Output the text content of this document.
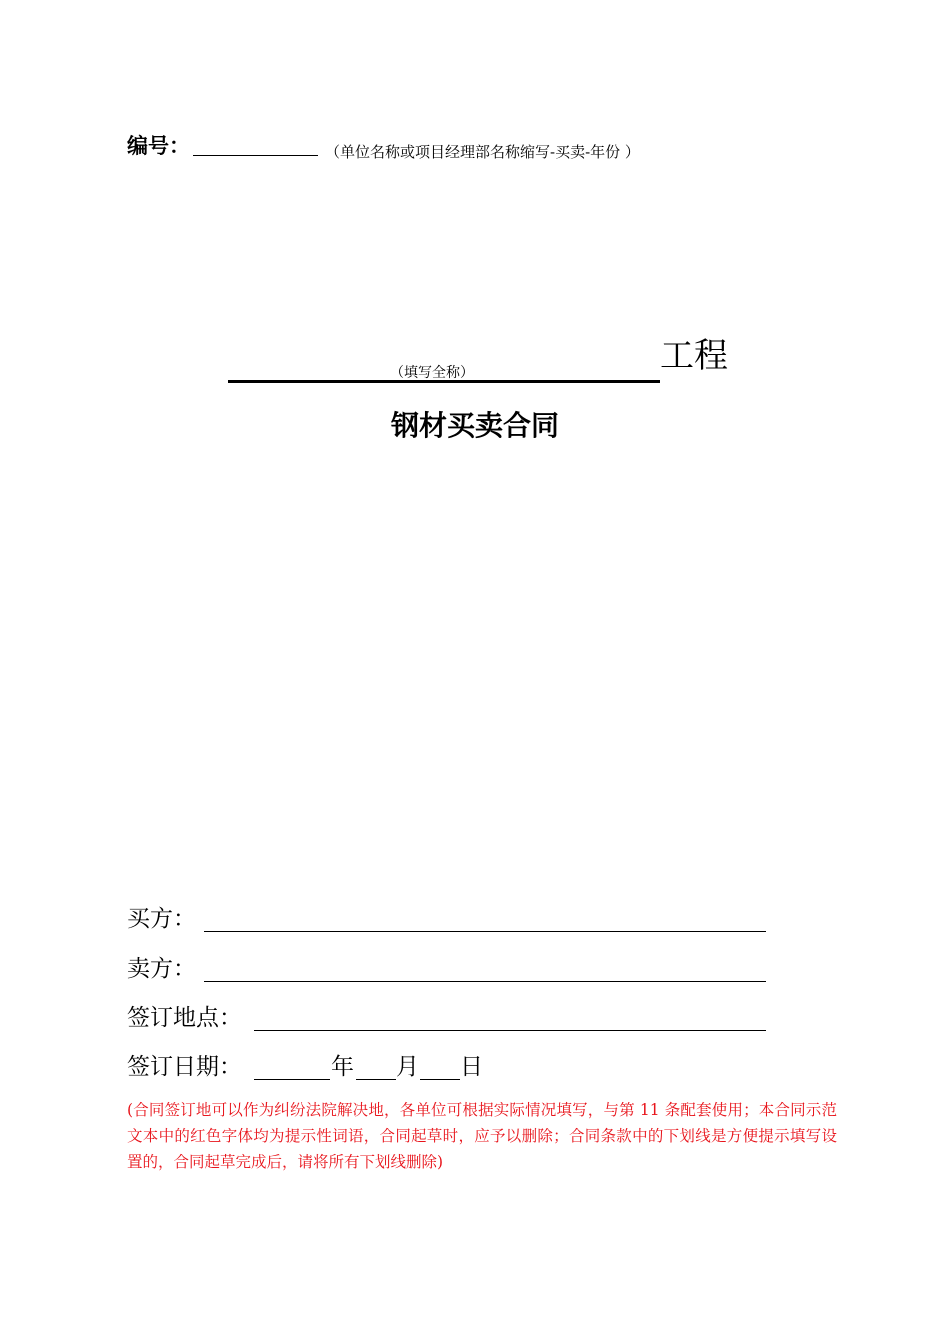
编号：	（单位名称或项目经理部名称缩写-买卖-年份 ）
（填写全称）	工程
钢材买卖合同
买方：
卖方：
签订地点：
签订日期：	年 月 日
(合同签订地可以作为纠纷法院解决地，各单位可根据实际情况填写，与第 11 条配套使用；本合同示范文本中的红色字体均为提示性词语，合同起草时，应予以删除；合同条款中的下划线是方便提示填写设置的，合同起草完成后，请将所有下划线删除)
